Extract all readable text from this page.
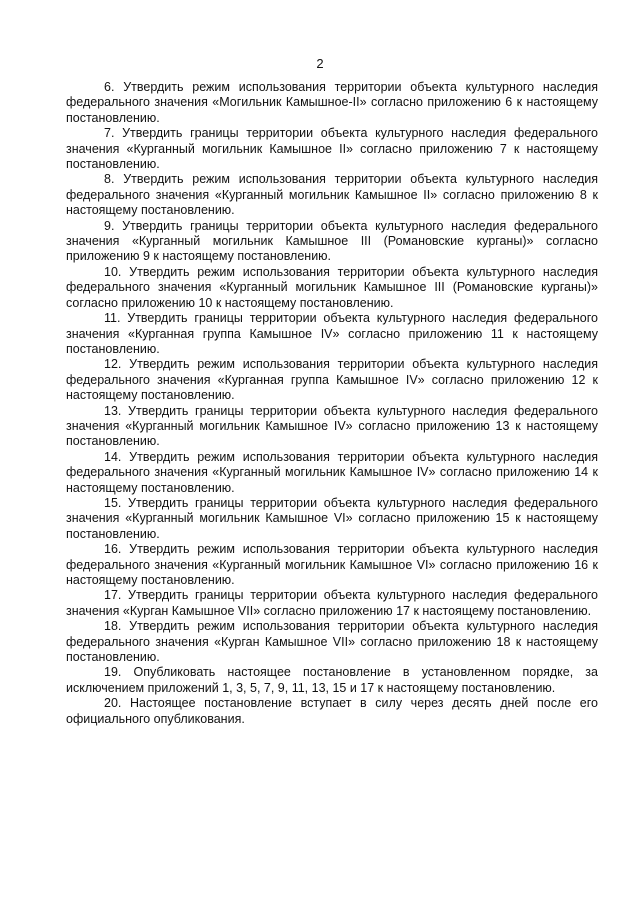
2

6. Утвердить режим использования территории объекта культурного наследия федерального значения «Могильник Камышное-II» согласно приложению 6 к настоящему постановлению.

7. Утвердить границы территории объекта культурного наследия федерального значения «Курганный могильник Камышное II» согласно приложению 7 к настоящему постановлению.

8. Утвердить режим использования территории объекта культурного наследия федерального значения «Курганный могильник Камышное II» согласно приложению 8 к настоящему постановлению.

9. Утвердить границы территории объекта культурного наследия федерального значения «Курганный могильник Камышное III (Романовские курганы)» согласно приложению 9 к настоящему постановлению.

10. Утвердить режим использования территории объекта культурного наследия федерального значения «Курганный могильник Камышное III (Романовские курганы)» согласно приложению 10 к настоящему постановлению.

11. Утвердить границы территории объекта культурного наследия федерального значения «Курганная группа Камышное IV» согласно приложению 11 к настоящему постановлению.

12. Утвердить режим использования территории объекта культурного наследия федерального значения «Курганная группа Камышное IV» согласно приложению 12 к настоящему постановлению.

13. Утвердить границы территории объекта культурного наследия федерального значения «Курганный могильник Камышное IV» согласно приложению 13 к настоящему постановлению.

14. Утвердить режим использования территории объекта культурного наследия федерального значения «Курганный могильник Камышное IV» согласно приложению 14 к настоящему постановлению.

15. Утвердить границы территории объекта культурного наследия федерального значения «Курганный могильник Камышное VI» согласно приложению 15 к настоящему постановлению.

16. Утвердить режим использования территории объекта культурного наследия федерального значения «Курганный могильник Камышное VI» согласно приложению 16 к настоящему постановлению.

17. Утвердить границы территории объекта культурного наследия федерального значения «Курган Камышное VII» согласно приложению 17 к настоящему постановлению.

18. Утвердить режим использования территории объекта культурного наследия федерального значения «Курган Камышное VII» согласно приложению 18 к настоящему постановлению.

19. Опубликовать настоящее постановление в установленном порядке, за исключением приложений 1, 3, 5, 7, 9, 11, 13, 15 и 17 к настоящему постановлению.

20. Настоящее постановление вступает в силу через десять дней после его официального опубликования.
